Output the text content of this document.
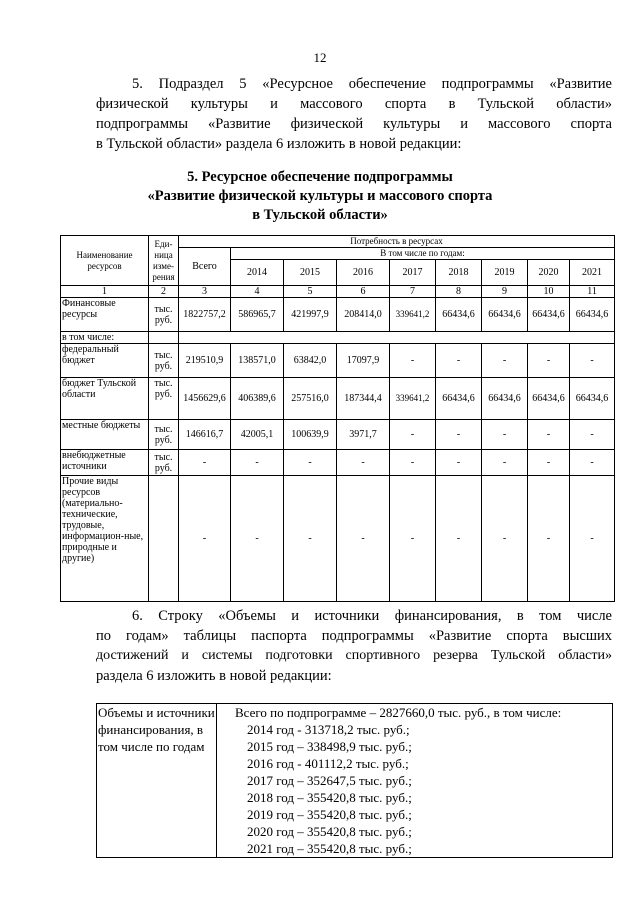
12
5. Подраздел 5 «Ресурсное обеспечение подпрограммы «Развитие
физической культуры и массового спорта в Тульской области»
подпрограммы «Развитие физической культуры и массового спорта
в Тульской области» раздела 6 изложить в новой редакции:
5. Ресурсное обеспечение подпрограммы
«Развитие физической культуры и массового спорта
в Тульской области»
Наименование ресурсов	Еди- ница изме- рения	Потребность в ресурсах								
		Всего	В том числе по годам:							
			2014	2015	2016	2017	2018	2019	2020	2021
1	2	3	4	5	6	7	8	9	10	11
Финансовые ресурсы	тыс. руб.	1822757,2	586965,7	421997,9	208414,0	339641,2	66434,6	66434,6	66434,6	66434,6
в том числе:										
федеральный бюджет	тыс. руб.	219510,9	138571,0	63842,0	17097,9	-	-	-	-	-
бюджет Тульской области	тыс. руб.	1456629,6	406389,6	257516,0	187344,4	339641,2	66434,6	66434,6	66434,6	66434,6
местные бюджеты	тыс. руб.	146616,7	42005,1	100639,9	3971,7	-	-	-	-	-
внебюджетные источники	тыс. руб.	-	-	-	-	-	-	-	-	-
Прочие виды ресурсов (материально-технические, трудовые, информацион-ные, природные и другие)		-	-	-	-	-	-	-	-	-
6. Строку «Объемы и источники финансирования, в том числе
по годам» таблицы паспорта подпрограммы «Развитие спорта высших
достижений и системы подготовки спортивного резерва Тульской области»
раздела 6 изложить в новой редакции:
Объемы и источники финансирования, в том числе по годам	
Всего по подпрограмме – 2827660,0 тыс. руб., в том числе:
2014 год - 313718,2 тыс. руб.;
2015 год – 338498,9 тыс. руб.;
2016 год - 401112,2 тыс. руб.;
2017 год – 352647,5 тыс. руб.;
2018 год – 355420,8 тыс. руб.;
2019 год – 355420,8 тыс. руб.;
2020 год – 355420,8 тыс. руб.;
2021 год – 355420,8 тыс. руб.;
